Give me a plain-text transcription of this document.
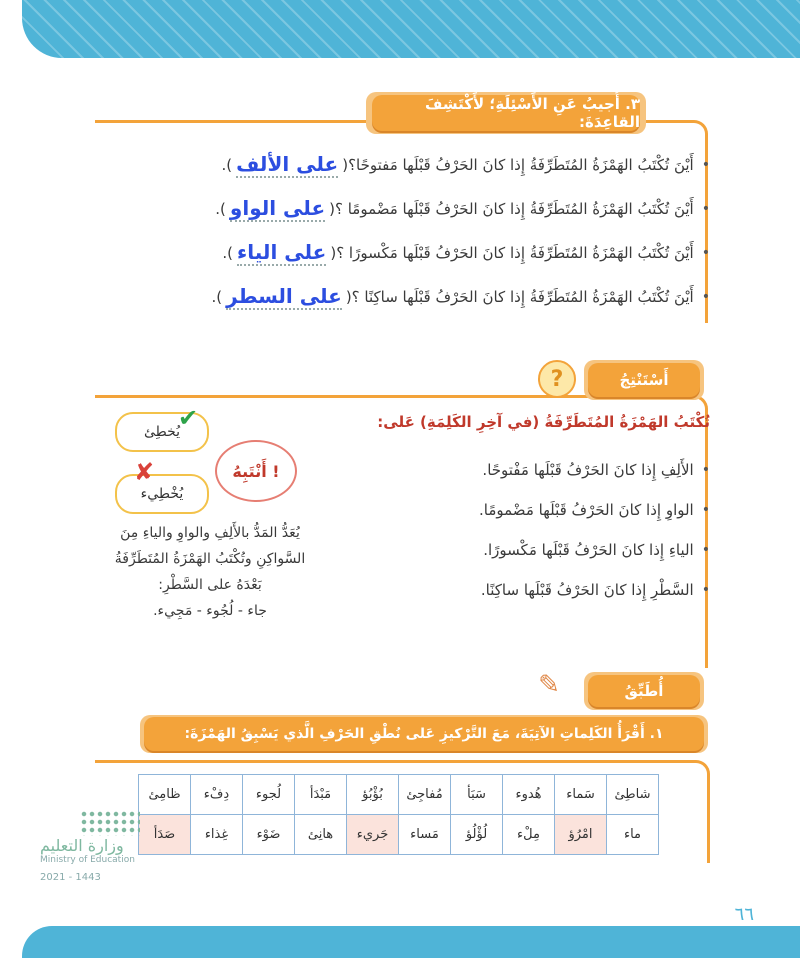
٣. أُجيبُ عَنِ الأَسْئِلَةِ؛ لأَكْتَشِفَ القاعِدَةَ:
•
أَيْنَ تُكْتَبُ الهَمْزَةُ المُتَطَرِّفَةُ إِذا كانَ الحَرْفُ قَبْلَها مَفتوحًا؟
(
على الألف
).
•
أَيْنَ تُكْتَبُ الهَمْزَةُ المُتَطَرِّفَةُ إِذا كانَ الحَرْفُ قَبْلَها مَضْمومًا ؟
(
على الواو
).
•
أَيْنَ تُكْتَبُ الهَمْزَةُ المُتَطَرِّفَةُ إِذا كانَ الحَرْفُ قَبْلَها مَكْسورًا ؟
(
على الياء
).
•
أَيْنَ تُكْتَبُ الهَمْزَةُ المُتَطَرِّفَةُ إِذا كانَ الحَرْفُ قَبْلَها ساكِنًا ؟
(
على السطر
).
أَسْتَنْتِجُ
?
تُكْتَبُ الهَمْزَةُ المُتَطَرِّفَةُ (في آخِرِ الكَلِمَةِ) عَلى:
•
الأَلِفِ إِذا كانَ الحَرْفُ قَبْلَها مَفْتوحًا.
•
الواوِ إِذا كانَ الحَرْفُ قَبْلَها مَضْمومًا.
•
الياءِ إِذا كانَ الحَرْفُ قَبْلَها مَكْسورًا.
•
السَّطْرِ إِذا كانَ الحَرْفُ قَبْلَها ساكِنًا.
أَنْتَبِهُ !
يُخطِئ
✔
يُخْطِيء
✘
يُعَدُّ المَدُّ بالأَلِفِ والواوِ والياءِ مِنَ
السَّواكِنِ وتُكْتَبُ الهَمْزَةُ المُتَطَرِّفَةُ
بَعْدَهُ على السَّطْرِ:
جاء - لُجُوء - مَجِيء.
أُطَبِّقُ
✎
١. أَقْرَأُ الكَلِماتِ الآتِيَةَ، مَعَ التَّرْكيزِ عَلى نُطْقِ الحَرْفِ الَّذي يَسْبِقُ الهَمْزَةَ:
شاطِئ	سَماء	هُدوء	سَبَأ	مُفاجِئ	بُؤْبُؤ	مَبْدَأ	لُجوء	دِفْء	ظامِئ
ماء	امْرُؤ	مِلْء	لُؤْلُؤ	مَساء	جَريء	هانِئ	ضَوْء	غِذاء	صَدَأ
وزارة التعليم
Ministry of Education
2021 - 1443
٦٦
